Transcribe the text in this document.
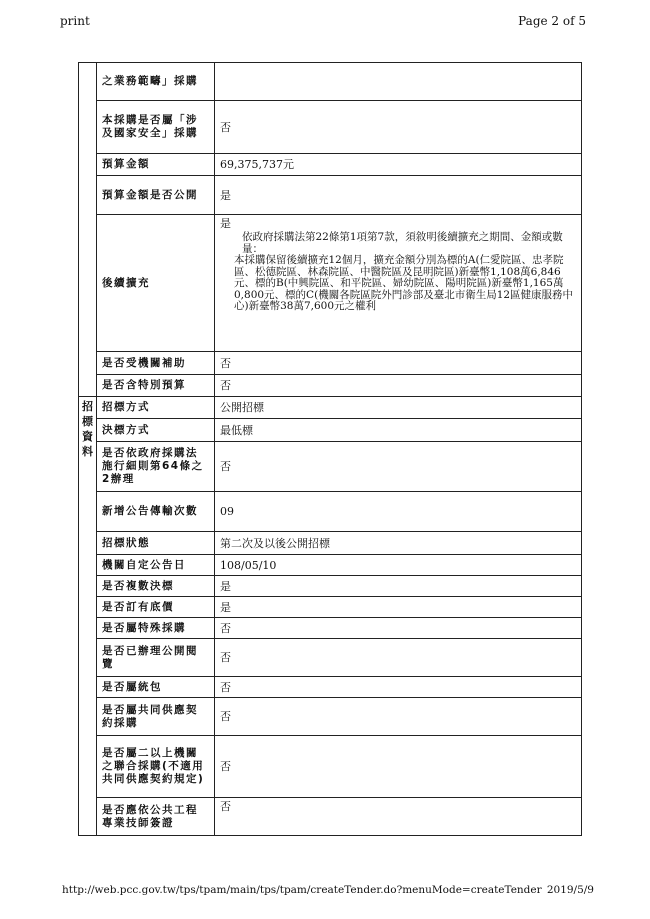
print	Page 2 of 5
	之業務範疇」採購	
	本採購是否屬「涉及國家安全」採購	否
	預算金額	69,375,737元
	預算金額是否公開	是
	後續擴充	是
依政府採購法第22條第1項第7款，須敘明後續擴充之期間、金額或數量：
本採購保留後續擴充12個月，擴充金額分別為標的A(仁愛院區、忠孝院區、松德院區、林森院區、中醫院區及昆明院區)新臺幣1,108萬6,846元、標的B(中興院區、和平院區、婦幼院區、陽明院區)新臺幣1,165萬0,800元、標的C(機關各院區院外門診部及臺北市衛生局12區健康服務中心)新臺幣38萬7,600元之權利

	是否受機關補助	否
	是否含特別預算	否

招
標
資
料	招標方式	公開招標
	決標方式	最低標
	是否依政府採購法施行細則第64條之2辦理	否
	新增公告傳輸次數	09
	招標狀態	第二次及以後公開招標
	機關自定公告日	108/05/10
	是否複數決標	是
	是否訂有底價	是
	是否屬特殊採購	否
	是否已辦理公開閱覽	否
	是否屬統包	否
	是否屬共同供應契約採購	否
	是否屬二以上機關之聯合採購(不適用共同供應契約規定)	否
	是否應依公共工程專業技師簽證	否
http://web.pcc.gov.tw/tps/tpam/main/tps/tpam/createTender.do?menuMode=createTender 2019/5/9
